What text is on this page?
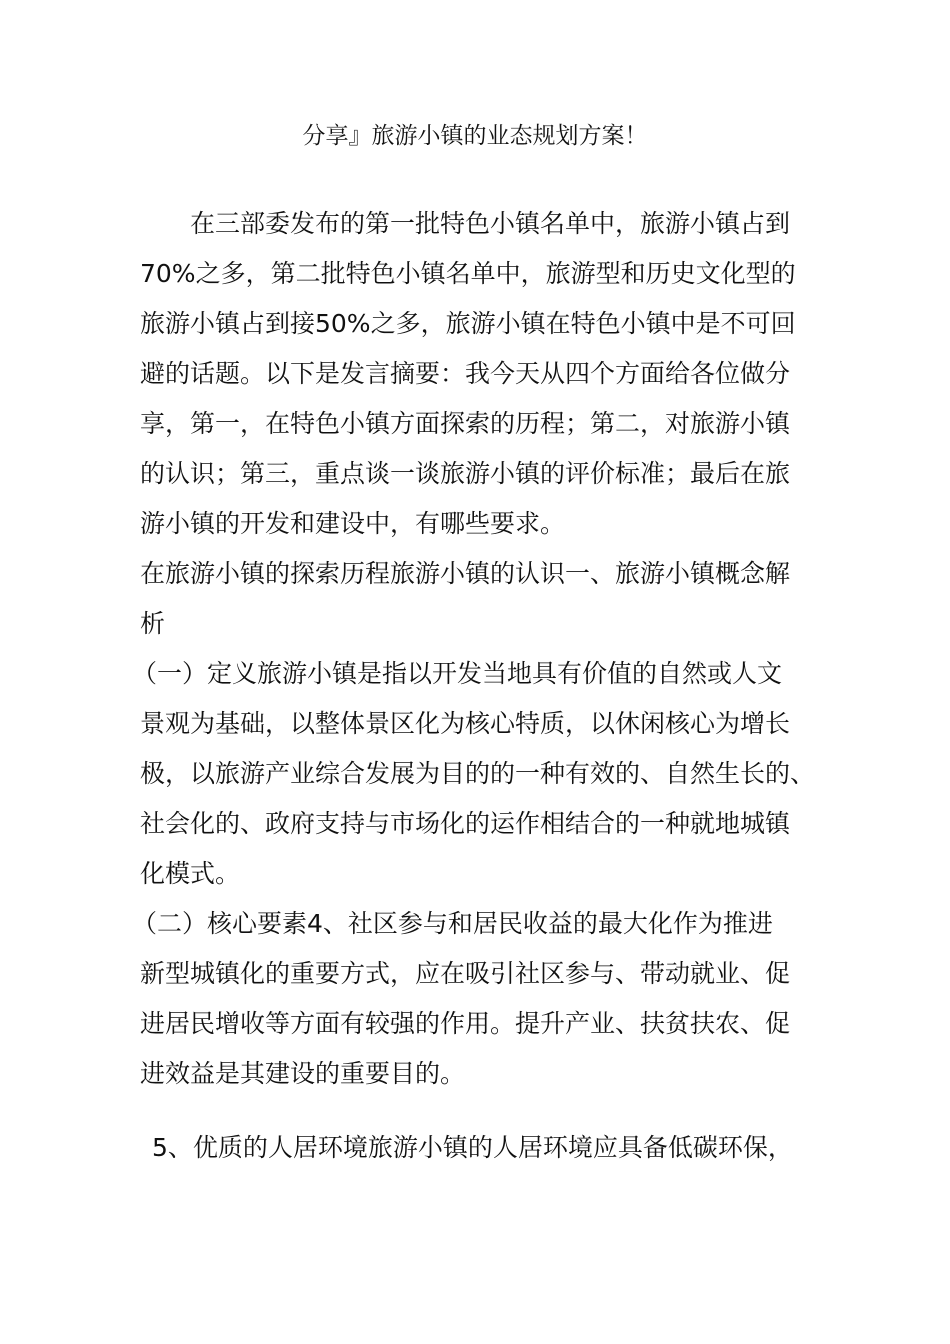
分享』旅游小镇的业态规划方案！

在三部委发布的第一批特色小镇名单中，旅游小镇占到
70%之多，第二批特色小镇名单中，旅游型和历史文化型的
旅游小镇占到接50%之多，旅游小镇在特色小镇中是不可回
避的话题。以下是发言摘要：我今天从四个方面给各位做分
享，第一，在特色小镇方面探索的历程；第二，对旅游小镇
的认识；第三，重点谈一谈旅游小镇的评价标准；最后在旅
游小镇的开发和建设中，有哪些要求。

在旅游小镇的探索历程旅游小镇的认识一、旅游小镇概念解
析

（一）定义旅游小镇是指以开发当地具有价值的自然或人文
景观为基础，以整体景区化为核心特质，以休闲核心为增长
极，以旅游产业综合发展为目的的一种有效的、自然生长的、
社会化的、政府支持与市场化的运作相结合的一种就地城镇
化模式。

（二）核心要素4、社区参与和居民收益的最大化作为推进
新型城镇化的重要方式，应在吸引社区参与、带动就业、促
进居民增收等方面有较强的作用。提升产业、扶贫扶农、促
进效益是其建设的重要目的。

5、优质的人居环境旅游小镇的人居环境应具备低碳环保，
